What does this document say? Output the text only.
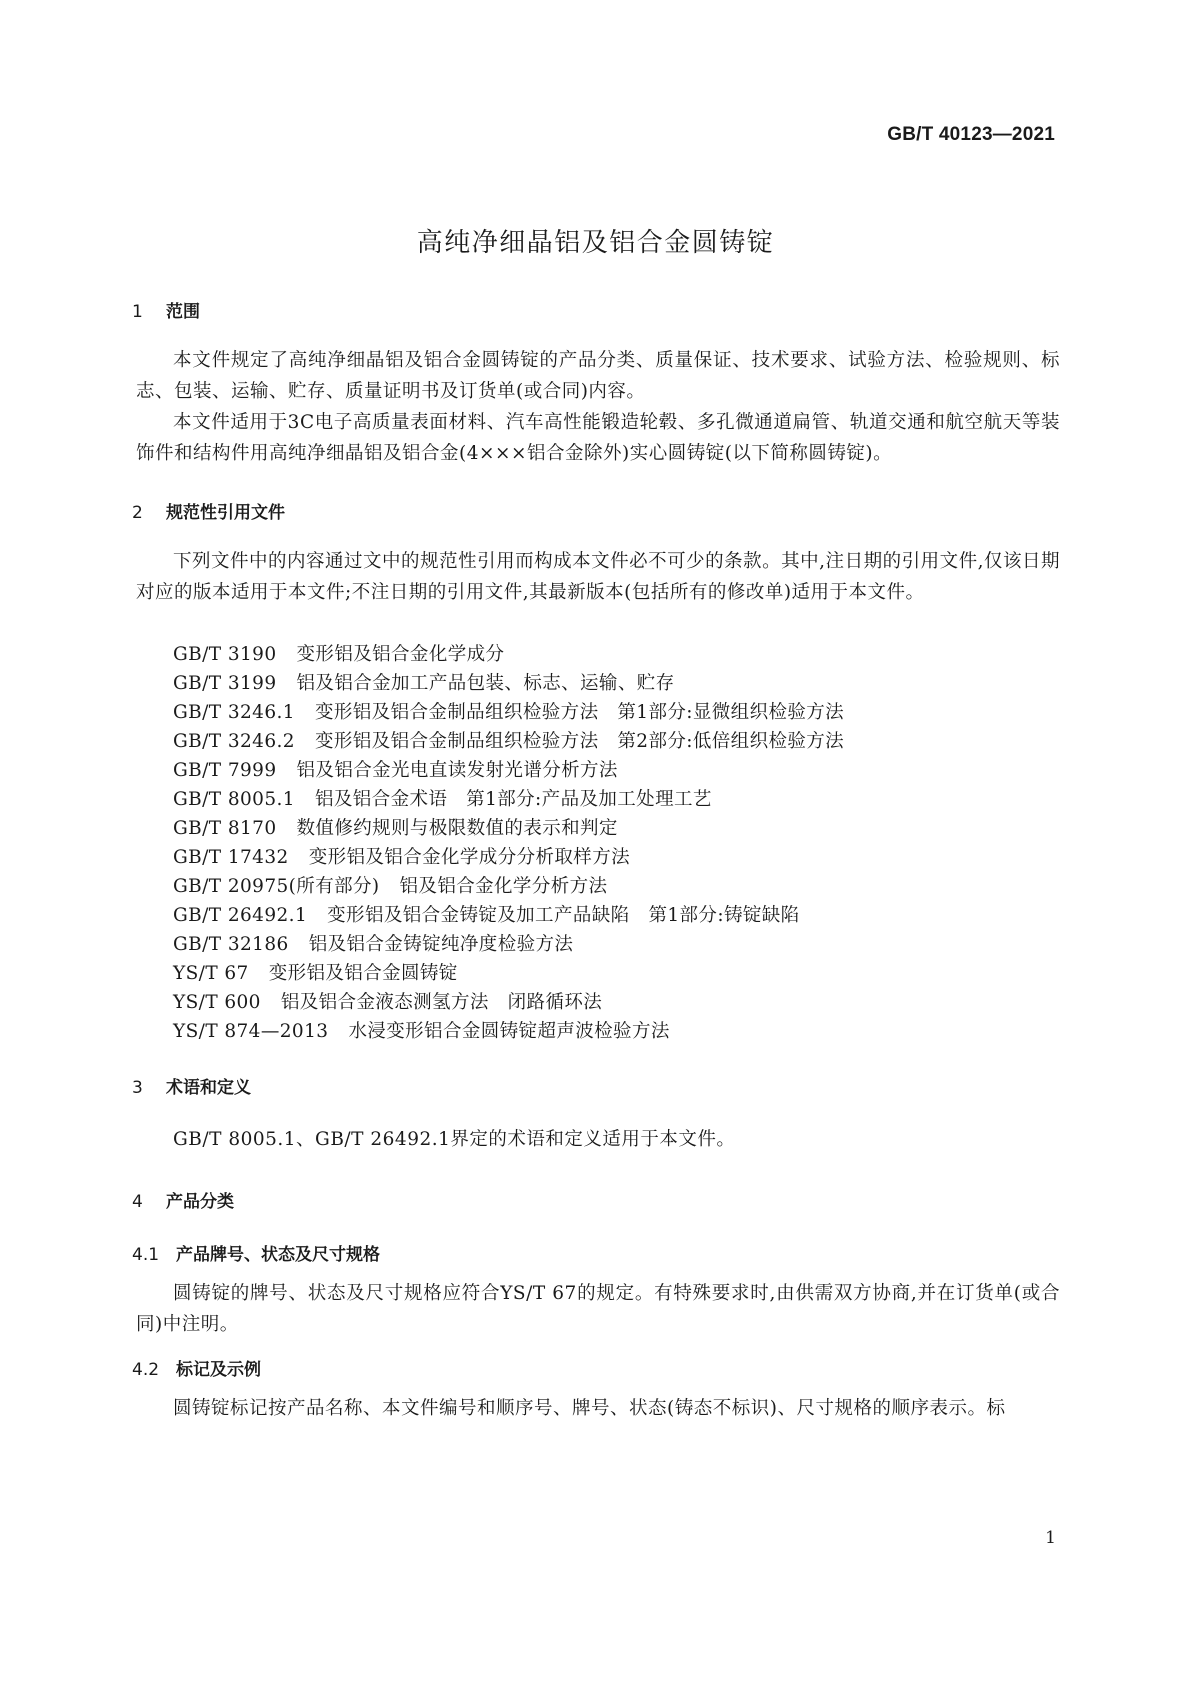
GB/T 40123—2021
高纯净细晶铝及铝合金圆铸锭
1 范围
本文件规定了高纯净细晶铝及铝合金圆铸锭的产品分类、质量保证、技术要求、试验方法、检验规则、标志、包装、运输、贮存、质量证明书及订货单(或合同)内容。
本文件适用于3C电子高质量表面材料、汽车高性能锻造轮毂、多孔微通道扁管、轨道交通和航空航天等装饰件和结构件用高纯净细晶铝及铝合金(4×××铝合金除外)实心圆铸锭(以下简称圆铸锭)。
2 规范性引用文件
下列文件中的内容通过文中的规范性引用而构成本文件必不可少的条款。其中,注日期的引用文件,仅该日期对应的版本适用于本文件;不注日期的引用文件,其最新版本(包括所有的修改单)适用于本文件。
GB/T 3190 变形铝及铝合金化学成分
GB/T 3199 铝及铝合金加工产品包装、标志、运输、贮存
GB/T 3246.1 变形铝及铝合金制品组织检验方法　第1部分:显微组织检验方法
GB/T 3246.2 变形铝及铝合金制品组织检验方法　第2部分:低倍组织检验方法
GB/T 7999 铝及铝合金光电直读发射光谱分析方法
GB/T 8005.1 铝及铝合金术语　第1部分:产品及加工处理工艺
GB/T 8170 数值修约规则与极限数值的表示和判定
GB/T 17432 变形铝及铝合金化学成分分析取样方法
GB/T 20975(所有部分) 铝及铝合金化学分析方法
GB/T 26492.1 变形铝及铝合金铸锭及加工产品缺陷　第1部分:铸锭缺陷
GB/T 32186 铝及铝合金铸锭纯净度检验方法
YS/T 67 变形铝及铝合金圆铸锭
YS/T 600 铝及铝合金液态测氢方法　闭路循环法
YS/T 874—2013 水浸变形铝合金圆铸锭超声波检验方法
3 术语和定义
GB/T 8005.1、GB/T 26492.1界定的术语和定义适用于本文件。
4 产品分类
4.1 产品牌号、状态及尺寸规格
圆铸锭的牌号、状态及尺寸规格应符合YS/T 67的规定。有特殊要求时,由供需双方协商,并在订货单(或合同)中注明。
4.2 标记及示例
圆铸锭标记按产品名称、本文件编号和顺序号、牌号、状态(铸态不标识)、尺寸规格的顺序表示。标
1
